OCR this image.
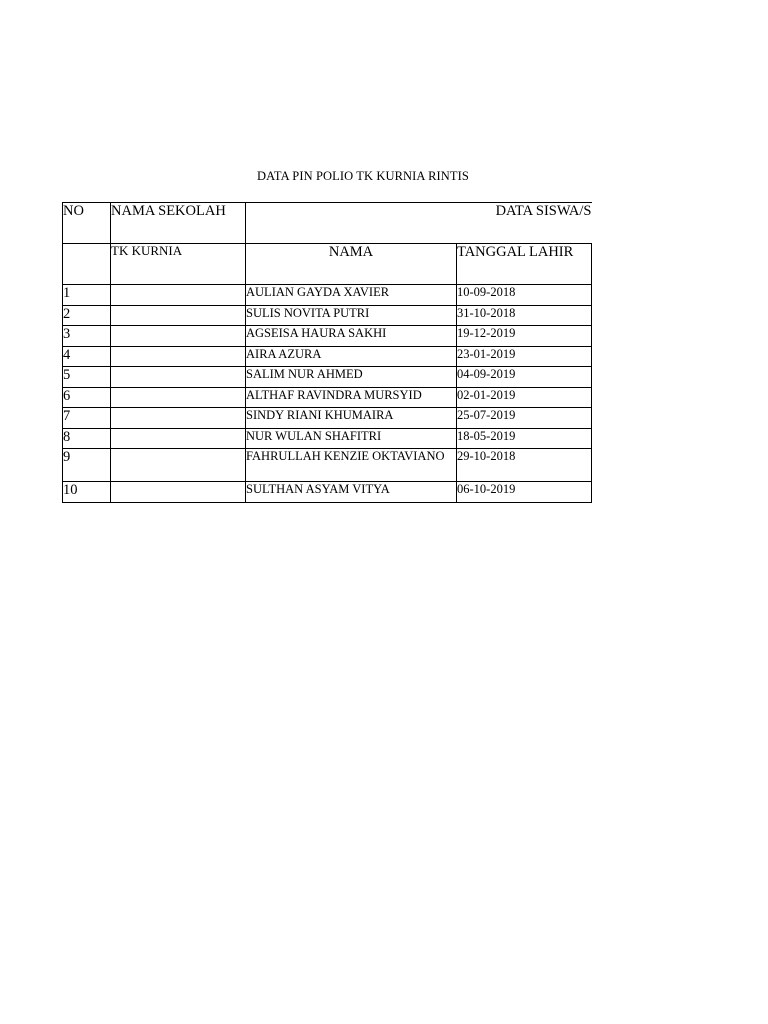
DATA PIN POLIO TK KURNIA RINTIS
NO	NAMA SEKOLAH	DATA SISWA/S	
	TK KURNIA	NAMA	TANGGAL LAHIR
1		AULIAN GAYDA XAVIER	10-09-2018
2		SULIS NOVITA PUTRI	31-10-2018
3		AGSEISA HAURA SAKHI	19-12-2019
4		AIRA AZURA	23-01-2019
5		SALIM NUR AHMED	04-09-2019
6		ALTHAF RAVINDRA MURSYID	02-01-2019
7		SINDY RIANI KHUMAIRA	25-07-2019
8		NUR WULAN SHAFITRI	18-05-2019
9		FAHRULLAH KENZIE OKTAVIANO	29-10-2018
10		SULTHAN ASYAM VITYA	06-10-2019
